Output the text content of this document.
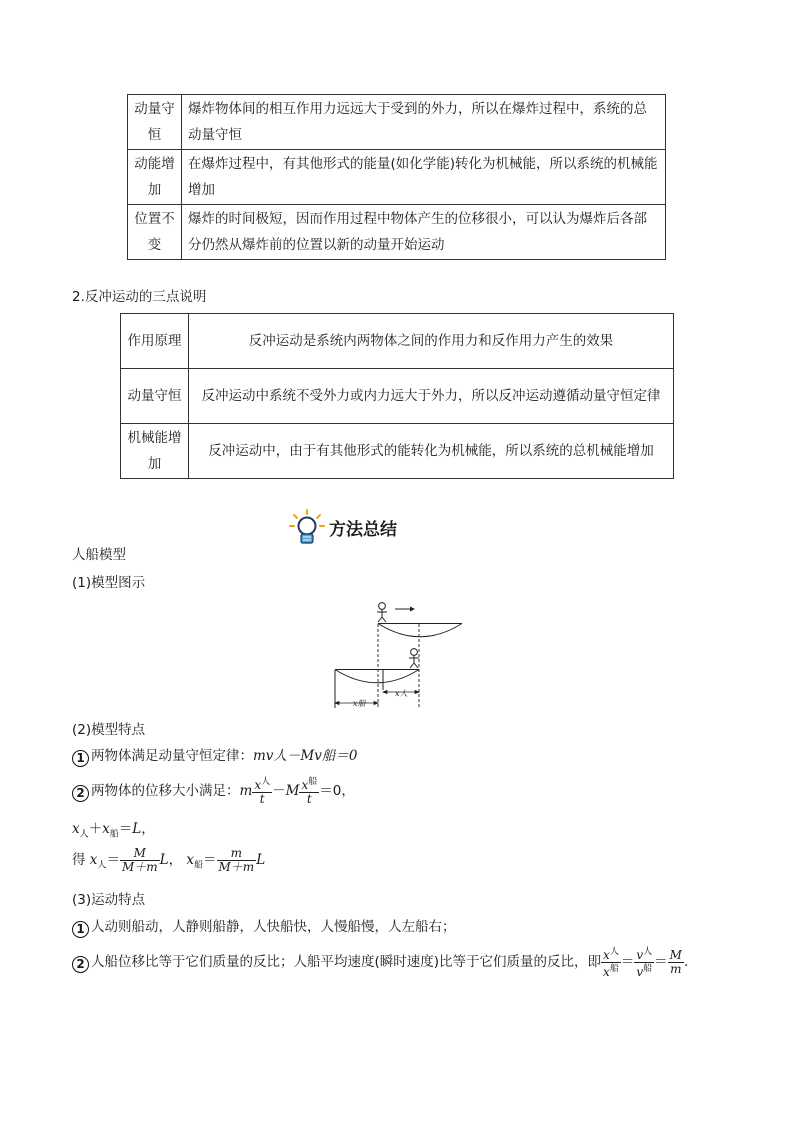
动量守恒	爆炸物体间的相互作用力远远大于受到的外力，所以在爆炸过程中，系统的总动量守恒
动能增加	在爆炸过程中，有其他形式的能量(如化学能)转化为机械能，所以系统的机械能增加
位置不变	爆炸的时间极短，因而作用过程中物体产生的位移很小，可以认为爆炸后各部分仍然从爆炸前的位置以新的动量开始运动
2.反冲运动的三点说明
作用原理	反冲运动是系统内两物体之间的作用力和反作用力产生的效果
动量守恒	反冲运动中系统不受外力或内力远大于外力，所以反冲运动遵循动量守恒定律
机械能增加	反冲运动中，由于有其他形式的能转化为机械能，所以系统的总机械能增加
方法总结
人船模型
(1)模型图示
x船
x人
(2)模型特点
1 两物体满足动量守恒定律：mv人－Mv船＝0
2 两物体的位移大小满足：m $\frac{x^人}{t} -M \frac{x^船}{t} =0$，
$x_人+x_船=L$，
得 $x_人= \frac{M}{M+m}$ L， $x_船= \frac{m}{M+m}$ L
(3)运动特点
1 人动则船动，人静则船静，人快船快，人慢船慢，人左船右；
2 人船位移比等于它们质量的反比；人船平均速度(瞬时速度)比等于它们质量的反比，即 $\frac{x^人}{x^船} = \frac{v^人}{v^船} = \frac{M}{m}$ .
